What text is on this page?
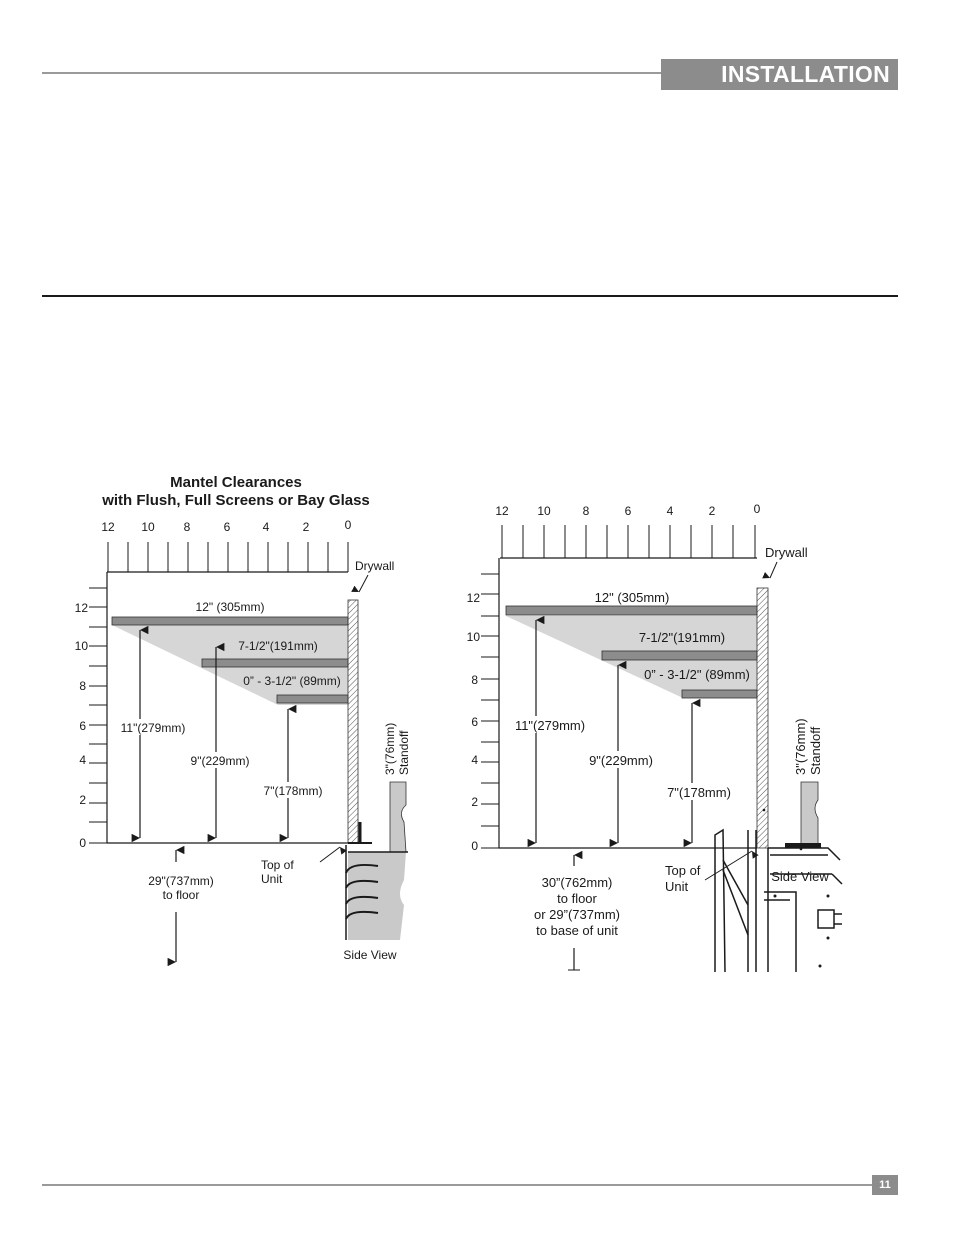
INSTALLATION
11
Mantel Clearances
with Flush, Full Screens or Bay Glass
12 10 8	6	4	2	0
12
10
8
6
4
2
0
12" (305mm)
7-1/2"(191mm)
0” - 3-1/2" (89mm)
11"(279mm)
9"(229mm)
7"(178mm)
Drywall
3"(76mm) Standoff
Top of
Unit
Side View
29"(737mm)
to floor
12 10	8	6	4	2	0
12
10
8
6
4
2
0
12" (305mm)
7-1/2"(191mm)
0” - 3-1/2" (89mm)
11"(279mm)
9"(229mm)
7"(178mm)
Drywall
3"(76mm) Standoff
Top of
Unit
Side View
30”(762mm)
to floor
or 29”(737mm)
to base of unit
